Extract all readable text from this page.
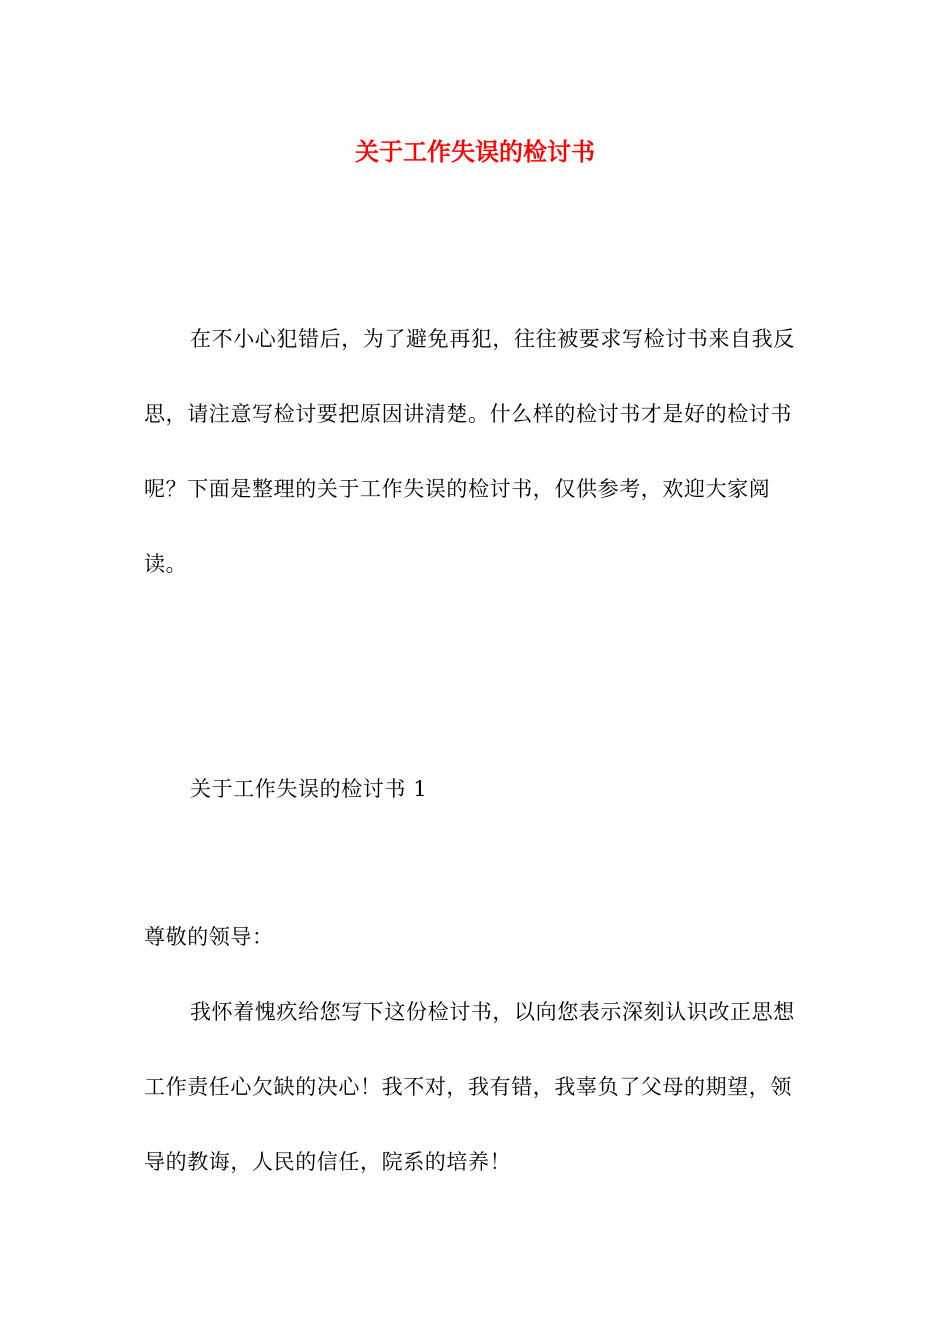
关于工作失误的检讨书

在不小心犯错后，为了避免再犯，往往被要求写检讨书来自我反思，请注意写检讨要把原因讲清楚。什么样的检讨书才是好的检讨书呢？下面是整理的关于工作失误的检讨书，仅供参考，欢迎大家阅读。

关于工作失误的检讨书 1
尊敬的领导：

我怀着愧疚给您写下这份检讨书，以向您表示深刻认识改正思想工作责任心欠缺的决心！我不对，我有错，我辜负了父母的期望，领导的教诲，人民的信任，院系的培养！
